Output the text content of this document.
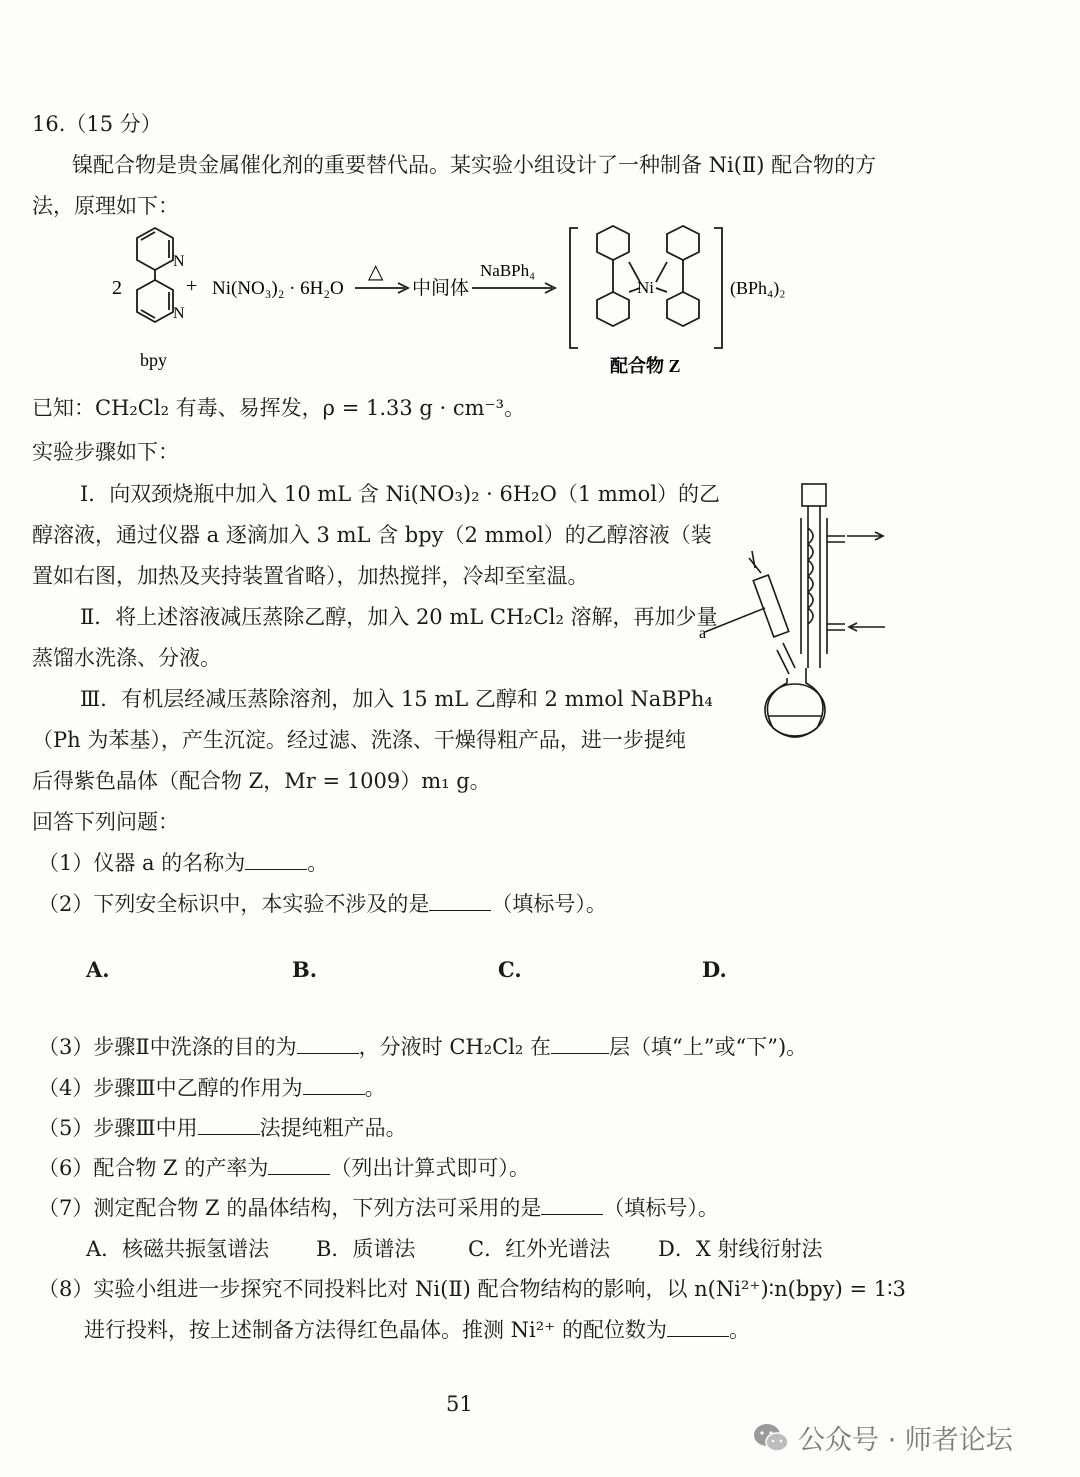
16.（15 分）
镍配合物是贵金属催化剂的重要替代品。某实验小组设计了一种制备 Ni(Ⅱ) 配合物的方
法，原理如下：
N
N
2	+ Ni(NO₃)₂ · 6H₂O
△
中间体
NaBPh₄
Ni	(BPh₄)₂
bpy	配合物 Z
已知：CH₂Cl₂ 有毒、易挥发，ρ = 1.33 g · cm⁻³。
实验步骤如下：
Ⅰ．向双颈烧瓶中加入 10 mL 含 Ni(NO₃)₂ · 6H₂O（1 mmol）的乙
醇溶液，通过仪器 a 逐滴加入 3 mL 含 bpy（2 mmol）的乙醇溶液（装
置如右图，加热及夹持装置省略），加热搅拌，冷却至室温。
Ⅱ．将上述溶液减压蒸除乙醇，加入 20 mL CH₂Cl₂ 溶解，再加少量
蒸馏水洗涤、分液。
Ⅲ．有机层经减压蒸除溶剂，加入 15 mL 乙醇和 2 mmol NaBPh₄
（Ph 为苯基），产生沉淀。经过滤、洗涤、干燥得粗产品，进一步提纯
后得紫色晶体（配合物 Z，Mr = 1009）m₁ g。
a
回答下列问题：
（1）仪器 a 的名称为	。
（2）下列安全标识中，本实验不涉及的是	（填标号）。
A.	B.	C.	D.
（3）步骤Ⅱ中洗涤的目的为	，分液时 CH₂Cl₂ 在	层（填“上”或“下”)。
（4）步骤Ⅲ中乙醇的作用为	。
（5）步骤Ⅲ中用	法提纯粗产品。
（6）配合物 Z 的产率为	（列出计算式即可）。
（7）测定配合物 Z 的晶体结构，下列方法可采用的是	（填标号）。
A．核磁共振氢谱法 B．质谱法	C．红外光谱法 D．X 射线衍射法
（8）实验小组进一步探究不同投料比对 Ni(Ⅱ) 配合物结构的影响，以 n(Ni²⁺)∶n(bpy) = 1∶3
进行投料，按上述制备方法得红色晶体。推测 Ni²⁺ 的配位数为	。
51
公众号 · 师者论坛
